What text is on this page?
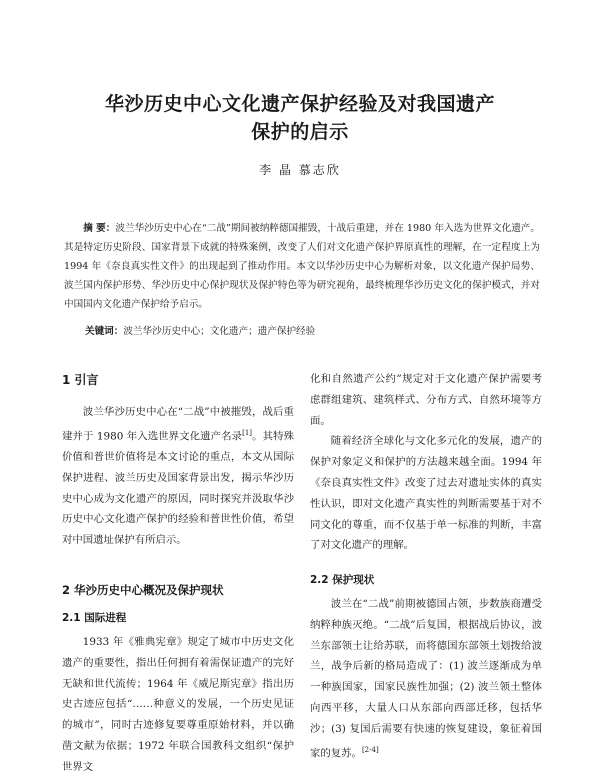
华沙历史中心文化遗产保护经验及对我国遗产
保护的启示
李 晶 慕志欣
摘 要：波兰华沙历史中心在“二战”期间被纳粹德国摧毁，十战后重建，并在 1980 年入选为世界文化遗产。其是特定历史阶段、国家背景下成就的特殊案例，改变了人们对文化遗产保护界原真性的理解，在一定程度上为 1994 年《奈良真实性文件》的出现起到了推动作用。本文以华沙历史中心为解析对象，以文化遗产保护局势、波兰国内保护形势、华沙历史中心保护现状及保护特色等为研究视角，最终梳理华沙历史文化的保护模式，并对中国国内文化遗产保护给予启示。
关键词：波兰华沙历史中心；文化遗产；遗产保护经验
1 引言

波兰华沙历史中心在“二战”中被摧毁，战后重建并于 1980 年入选世界文化遗产名录[1]。其特殊价值和普世价值将是本文讨论的重点，本文从国际保护进程、波兰历史及国家背景出发，揭示华沙历史中心成为文化遗产的原因，同时探究并汲取华沙历史中心文化遗产保护的经验和普世性价值，希望对中国遗址保护有所启示。

2 华沙历史中心概况及保护现状
2.1 国际进程

1933 年《雅典宪章》规定了城市中历史文化遗产的重要性，指出任何拥有着需保证遗产的完好无缺和世代流传；1964 年《威尼斯宪章》指出历史古迹应包括“……种意义的发展，一个历史见证的城市”，同时古迹修复要尊重原始材料，并以确凿文献为依据；1972 年联合国教科文组织“保护世界文

化和自然遗产公约”规定对于文化遗产保护需要考虑群组建筑、建筑样式、分布方式、自然环境等方面。

随着经济全球化与文化多元化的发展，遗产的保护对象定义和保护的方法越来越全面。1994 年《奈良真实性文件》改变了过去对遗址实体的真实性认识，即对文化遗产真实性的判断需要基于对不同文化的尊重，而不仅基于单一标准的判断，丰富了对文化遗产的理解。

2.2 保护现状

波兰在“二战”前期被德国占领，步数族商遭受纳粹种族灭绝。“二战”后复国，根据战后协议，波兰东部领土让给苏联，而将德国东部领土划拨给波兰，战争后新的格局造成了：(1) 波兰逐渐成为单一种族国家，国家民族性加强；(2) 波兰领土整体向西平移，大量人口从东部向西部迁移，包括华沙；(3) 复国后需要有快速的恢复建设，象征着国家的复苏。[2-4]
